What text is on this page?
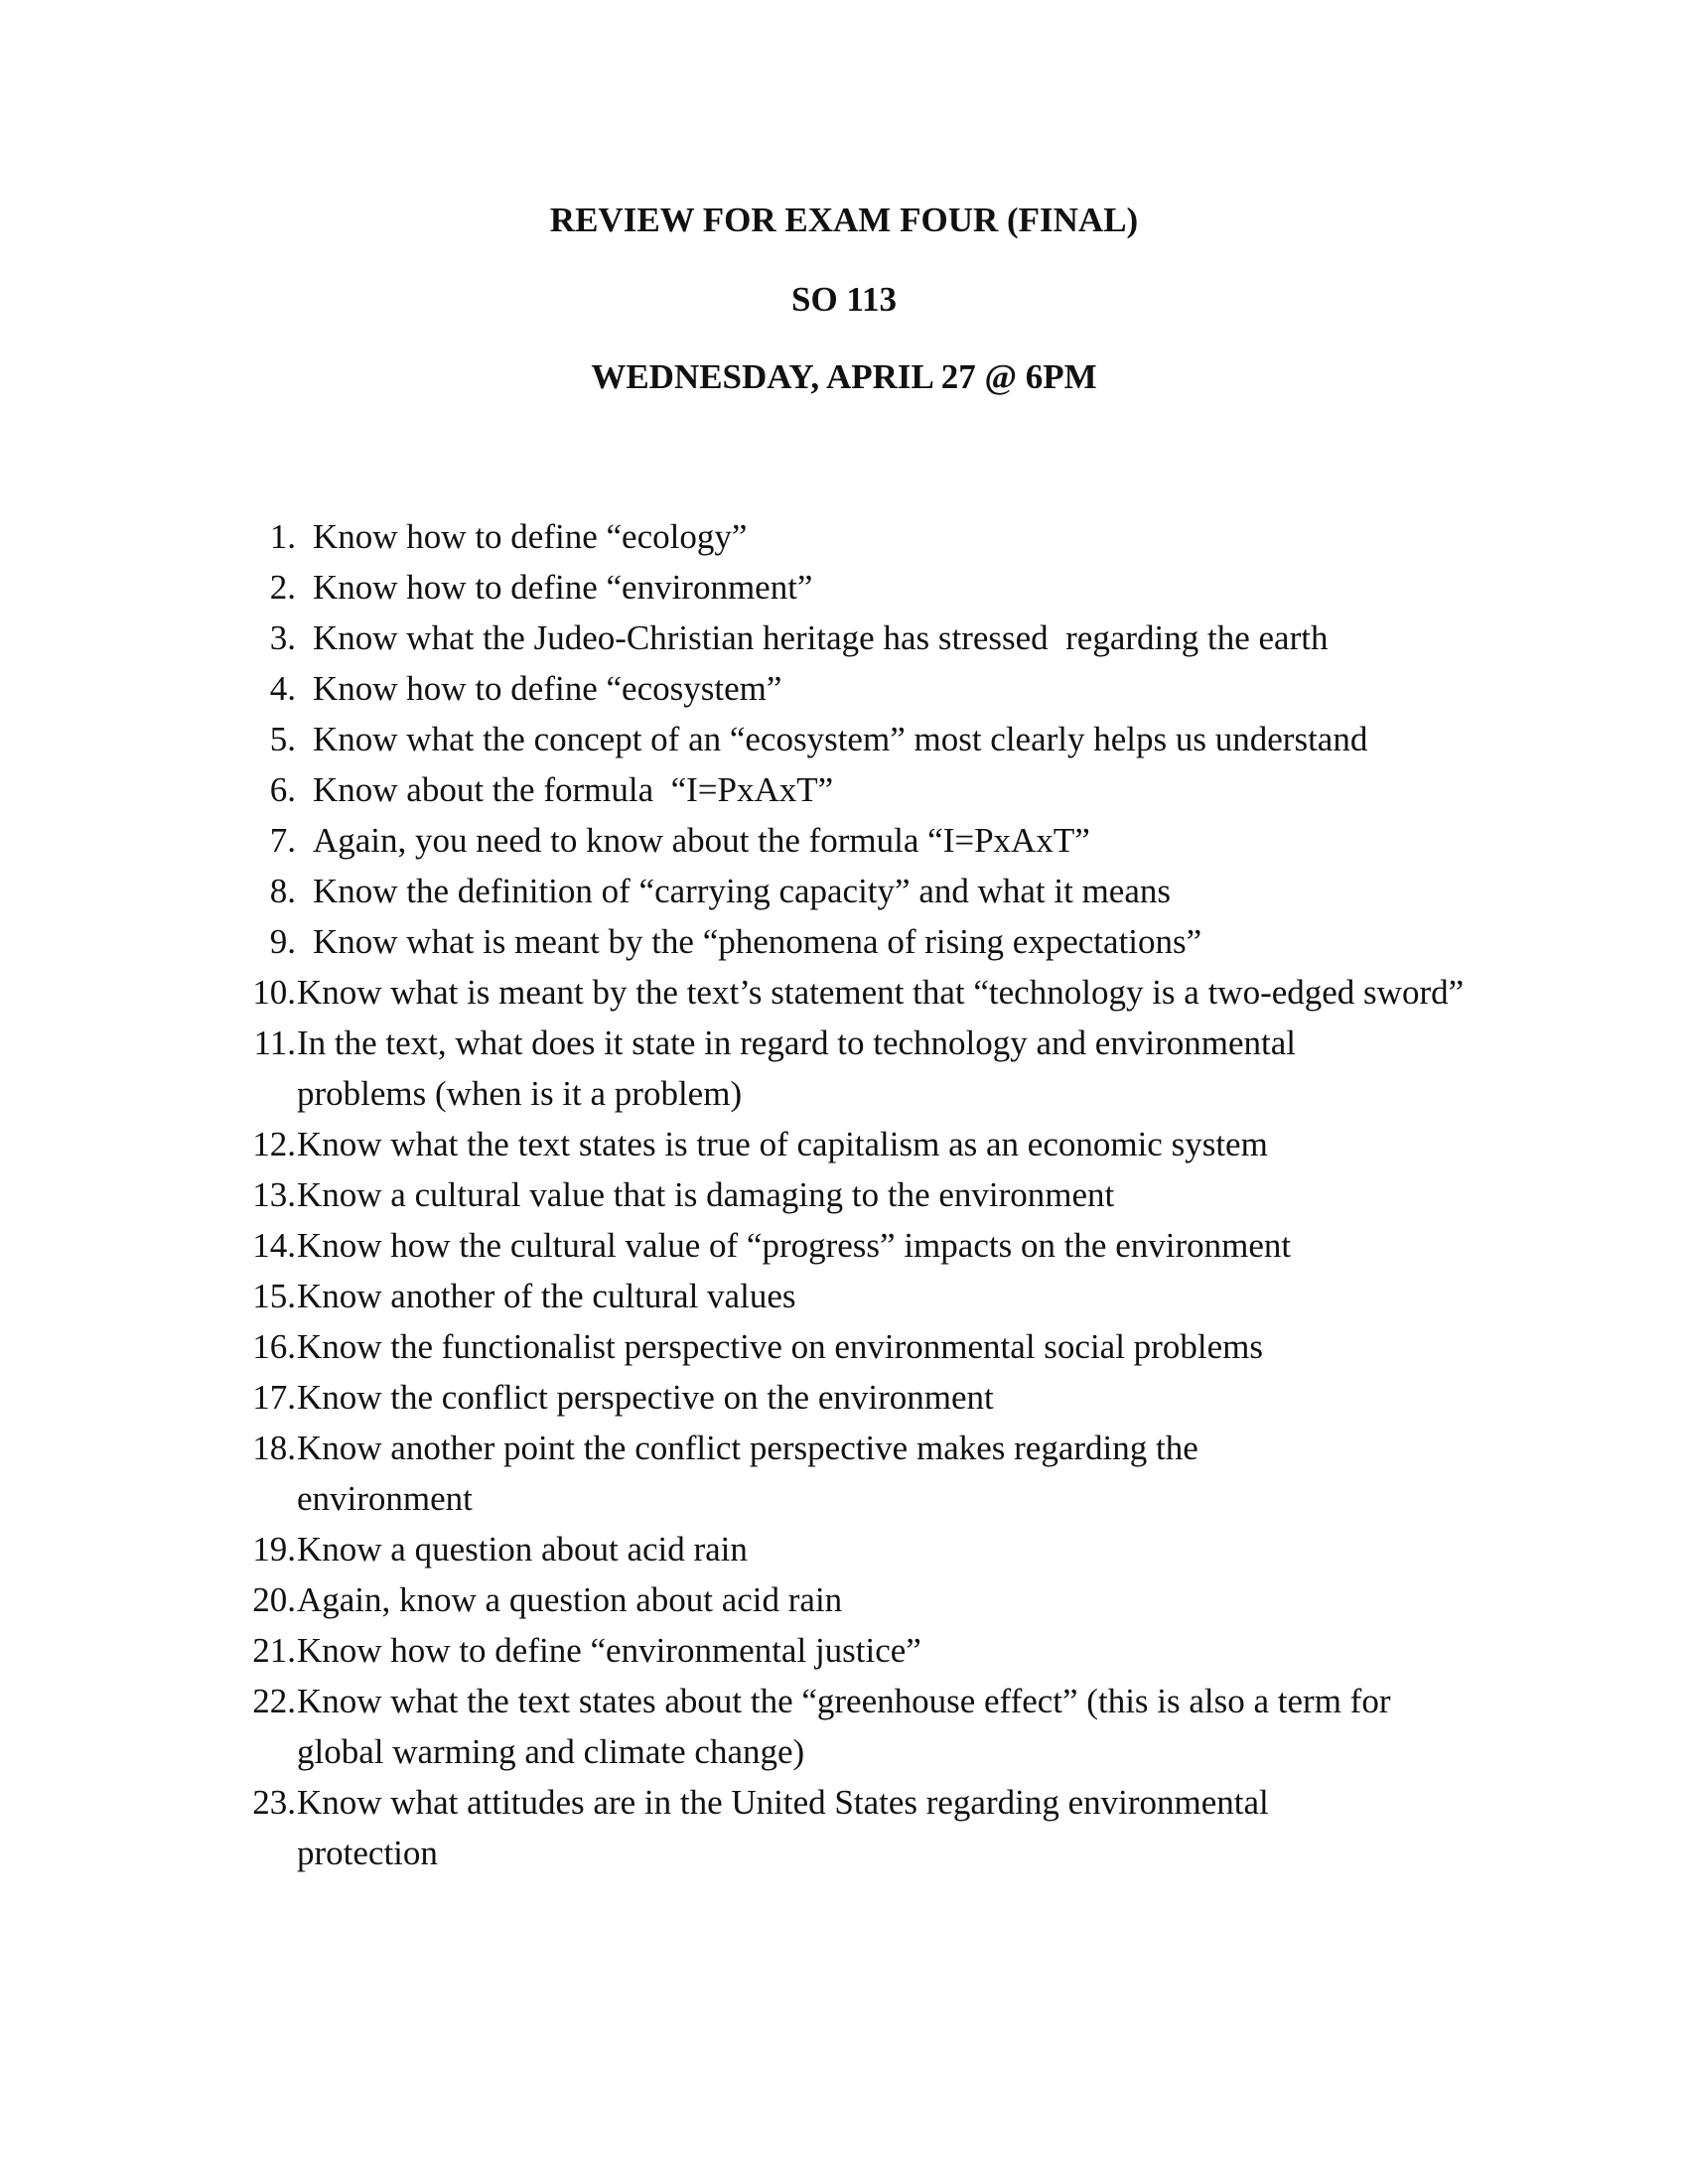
REVIEW FOR EXAM FOUR (FINAL)
SO 113
WEDNESDAY, APRIL 27 @ 6PM
1. Know how to define “ecology”
2. Know how to define “environment”
3. Know what the Judeo-Christian heritage has stressed  regarding the earth
4. Know how to define “ecosystem”
5. Know what the concept of an “ecosystem” most clearly helps us understand
6. Know about the formula  “I=PxAxT”
7. Again, you need to know about the formula “I=PxAxT”
8. Know the definition of “carrying capacity” and what it means
9. Know what is meant by the “phenomena of rising expectations”
10. Know what is meant by the text’s statement that “technology is a two-edged sword”
11. In the text, what does it state in regard to technology and environmental problems (when is it a problem)
12. Know what the text states is true of capitalism as an economic system
13. Know a cultural value that is damaging to the environment
14. Know how the cultural value of “progress” impacts on the environment
15. Know another of the cultural values
16. Know the functionalist perspective on environmental social problems
17. Know the conflict perspective on the environment
18. Know another point the conflict perspective makes regarding the environment
19. Know a question about acid rain
20. Again, know a question about acid rain
21. Know how to define “environmental justice”
22. Know what the text states about the “greenhouse effect” (this is also a term for global warming and climate change)
23. Know what attitudes are in the United States regarding environmental protection
